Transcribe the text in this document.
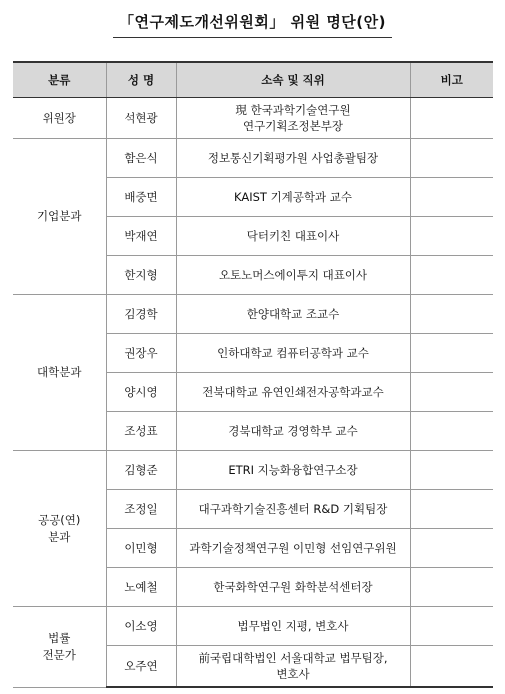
「연구제도개선위원회」 위원 명단(안)
분류	성 명	소속 및 직위	비고
위원장	석현광	現 한국과학기술연구원
연구기획조정본부장	
기업분과	함은식	정보통신기획평가원 사업총괄팀장	
	배중면	KAIST 기계공학과 교수	
	박재연	닥터키친 대표이사	
	한지형	오토노머스에이투지 대표이사	
대학분과	김경학	한양대학교 조교수	
	권장우	인하대학교 컴퓨터공학과 교수	
	양시영	전북대학교 유연인쇄전자공학과교수	
	조성표	경북대학교 경영학부 교수	
공공(연)
분과	김형준	ETRI 지능화융합연구소장	
	조정일	대구과학기술진흥센터 R&D 기획팀장	
	이민형	과학기술정책연구원 이민형 선임연구위원	
	노예철	한국화학연구원 화학분석센터장	
법률
전문가	이소영	법무법인 지평, 변호사	
	오주연	前국립대학법인 서울대학교 법무팀장,
변호사	
